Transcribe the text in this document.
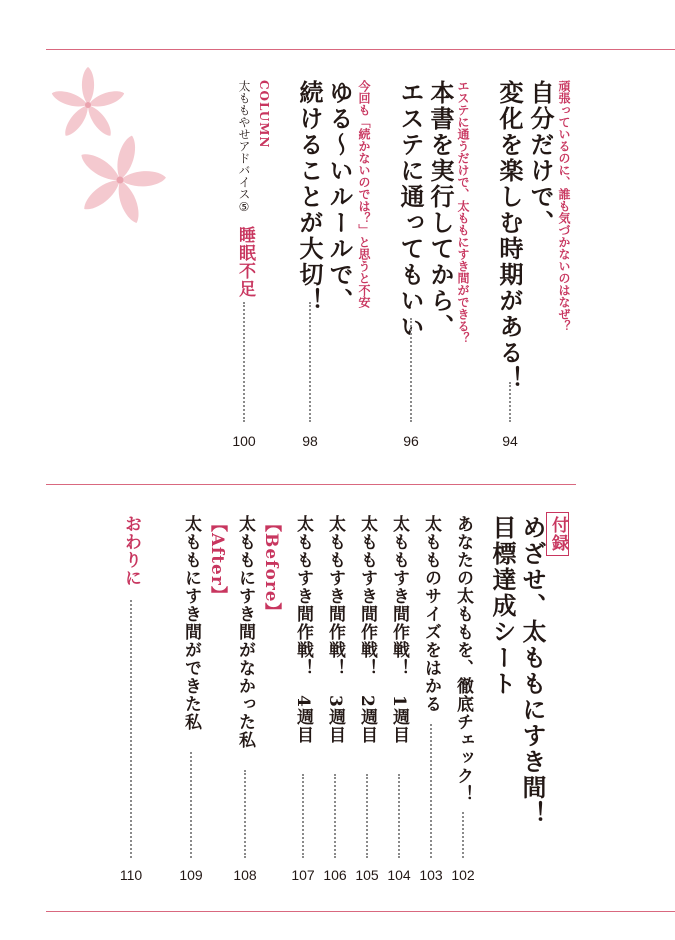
頑張っているのに、誰も気づかないのはなぜ？
自分だけで、
変化を楽しむ時期がある！
94
エステに通うだけで、太ももにすき間ができる？
本書を実行してから、
エステに通ってもいい
96
今回も「続かないのでは？」と思うと不安
ゆる～いルールで、
続けることが大切！
98
COLUMN
太ももやせアドバイス⑤
睡眠不足
100
付録
めざせ、太ももにすき間！
目標達成シート
あなたの太ももを、徹底チェック！
102
太もものサイズをはかる
103
太ももすき間作戦！　1週目
104
太ももすき間作戦！　2週目
105
太ももすき間作戦！　3週目
106
太ももすき間作戦！　4週目
107
【Before】
太ももにすき間がなかった私
108
【After】
太ももにすき間ができた私
109
おわりに
110
